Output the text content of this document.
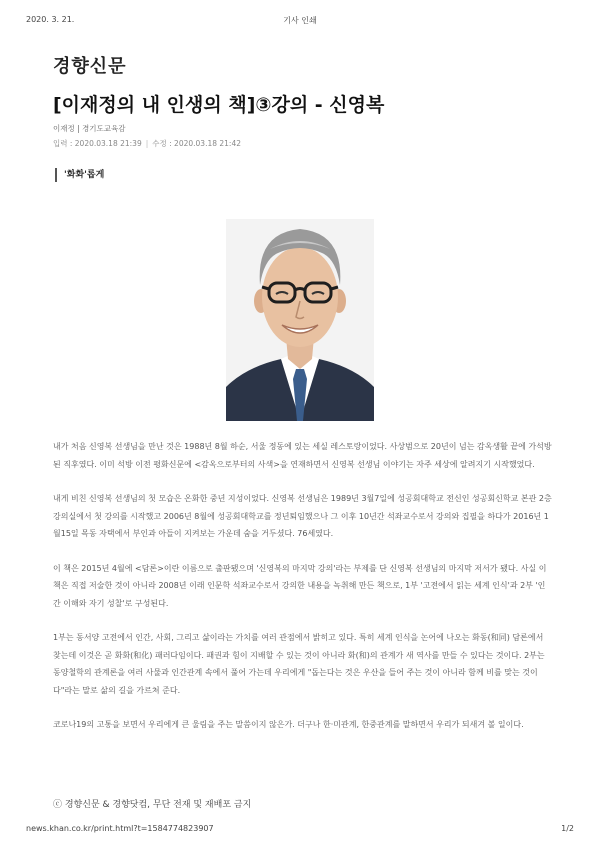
2020. 3. 21.	기사 인쇄
경향신문
[이재정의 내 인생의 책]③강의 - 신영복
이재정 | 경기도교육감
입력 : 2020.03.18 21:39 | 수정 : 2020.03.18 21:42
'화화'롭게

내가 처음 신영복 선생님을 만난 것은 1988년 8월 하순, 서울 정동에 있는 세실 레스토랑이었다. 사상범으로 20년이 넘는 감옥생활 끝에 가석방된 직후였다. 이미 석방 이전 평화신문에 <감옥으로부터의 사색>을 연재하면서 신영복 선생님 이야기는 자주 세상에 알려지기 시작했었다.

내게 비친 신영복 선생님의 첫 모습은 온화한 중년 지성이었다. 신영복 선생님은 1989년 3월7일에 성공회대학교 전신인 성공회신학교 본관 2층 강의실에서 첫 강의를 시작했고 2006년 8월에 성공회대학교를 정년퇴임했으나 그 이후 10년간 석좌교수로서 강의와 집필을 하다가 2016년 1월15일 목동 자택에서 부인과 아들이 지켜보는 가운데 숨을 거두셨다. 76세였다.

이 책은 2015년 4월에 <담론>이란 이름으로 출판됐으며 '신영복의 마지막 강의'라는 부제를 단 신영복 선생님의 마지막 저서가 됐다. 사실 이 책은 직접 저술한 것이 아니라 2008년 이래 인문학 석좌교수로서 강의한 내용을 녹취해 만든 책으로, 1부 '고전에서 읽는 세계 인식'과 2부 '인간 이해와 자기 성찰'로 구성된다.

1부는 동서양 고전에서 인간, 사회, 그리고 삶이라는 가치를 여러 관점에서 밝히고 있다. 특히 세계 인식을 논어에 나오는 화동(和同) 담론에서 찾는데 이것은 곧 화화(和化) 패러다임이다. 패권과 힘이 지배할 수 있는 것이 아니라 화(和)의 관계가 새 역사를 만들 수 있다는 것이다. 2부는 동양철학의 관계론을 여러 사물과 인간관계 속에서 풀어 가는데 우리에게 "돕는다는 것은 우산을 들어 주는 것이 아니라 함께 비를 맞는 것이다"라는 말로 삶의 길을 가르쳐 준다.

코로나19의 고통을 보면서 우리에게 큰 울림을 주는 말씀이지 않은가. 더구나 한·미관계, 한중관계를 말하면서 우리가 되새겨 볼 일이다.

ⓒ 경향신문 & 경향닷컴, 무단 전재 및 재배포 금지
news.khan.co.kr/print.html?t=1584774823907	1/2
